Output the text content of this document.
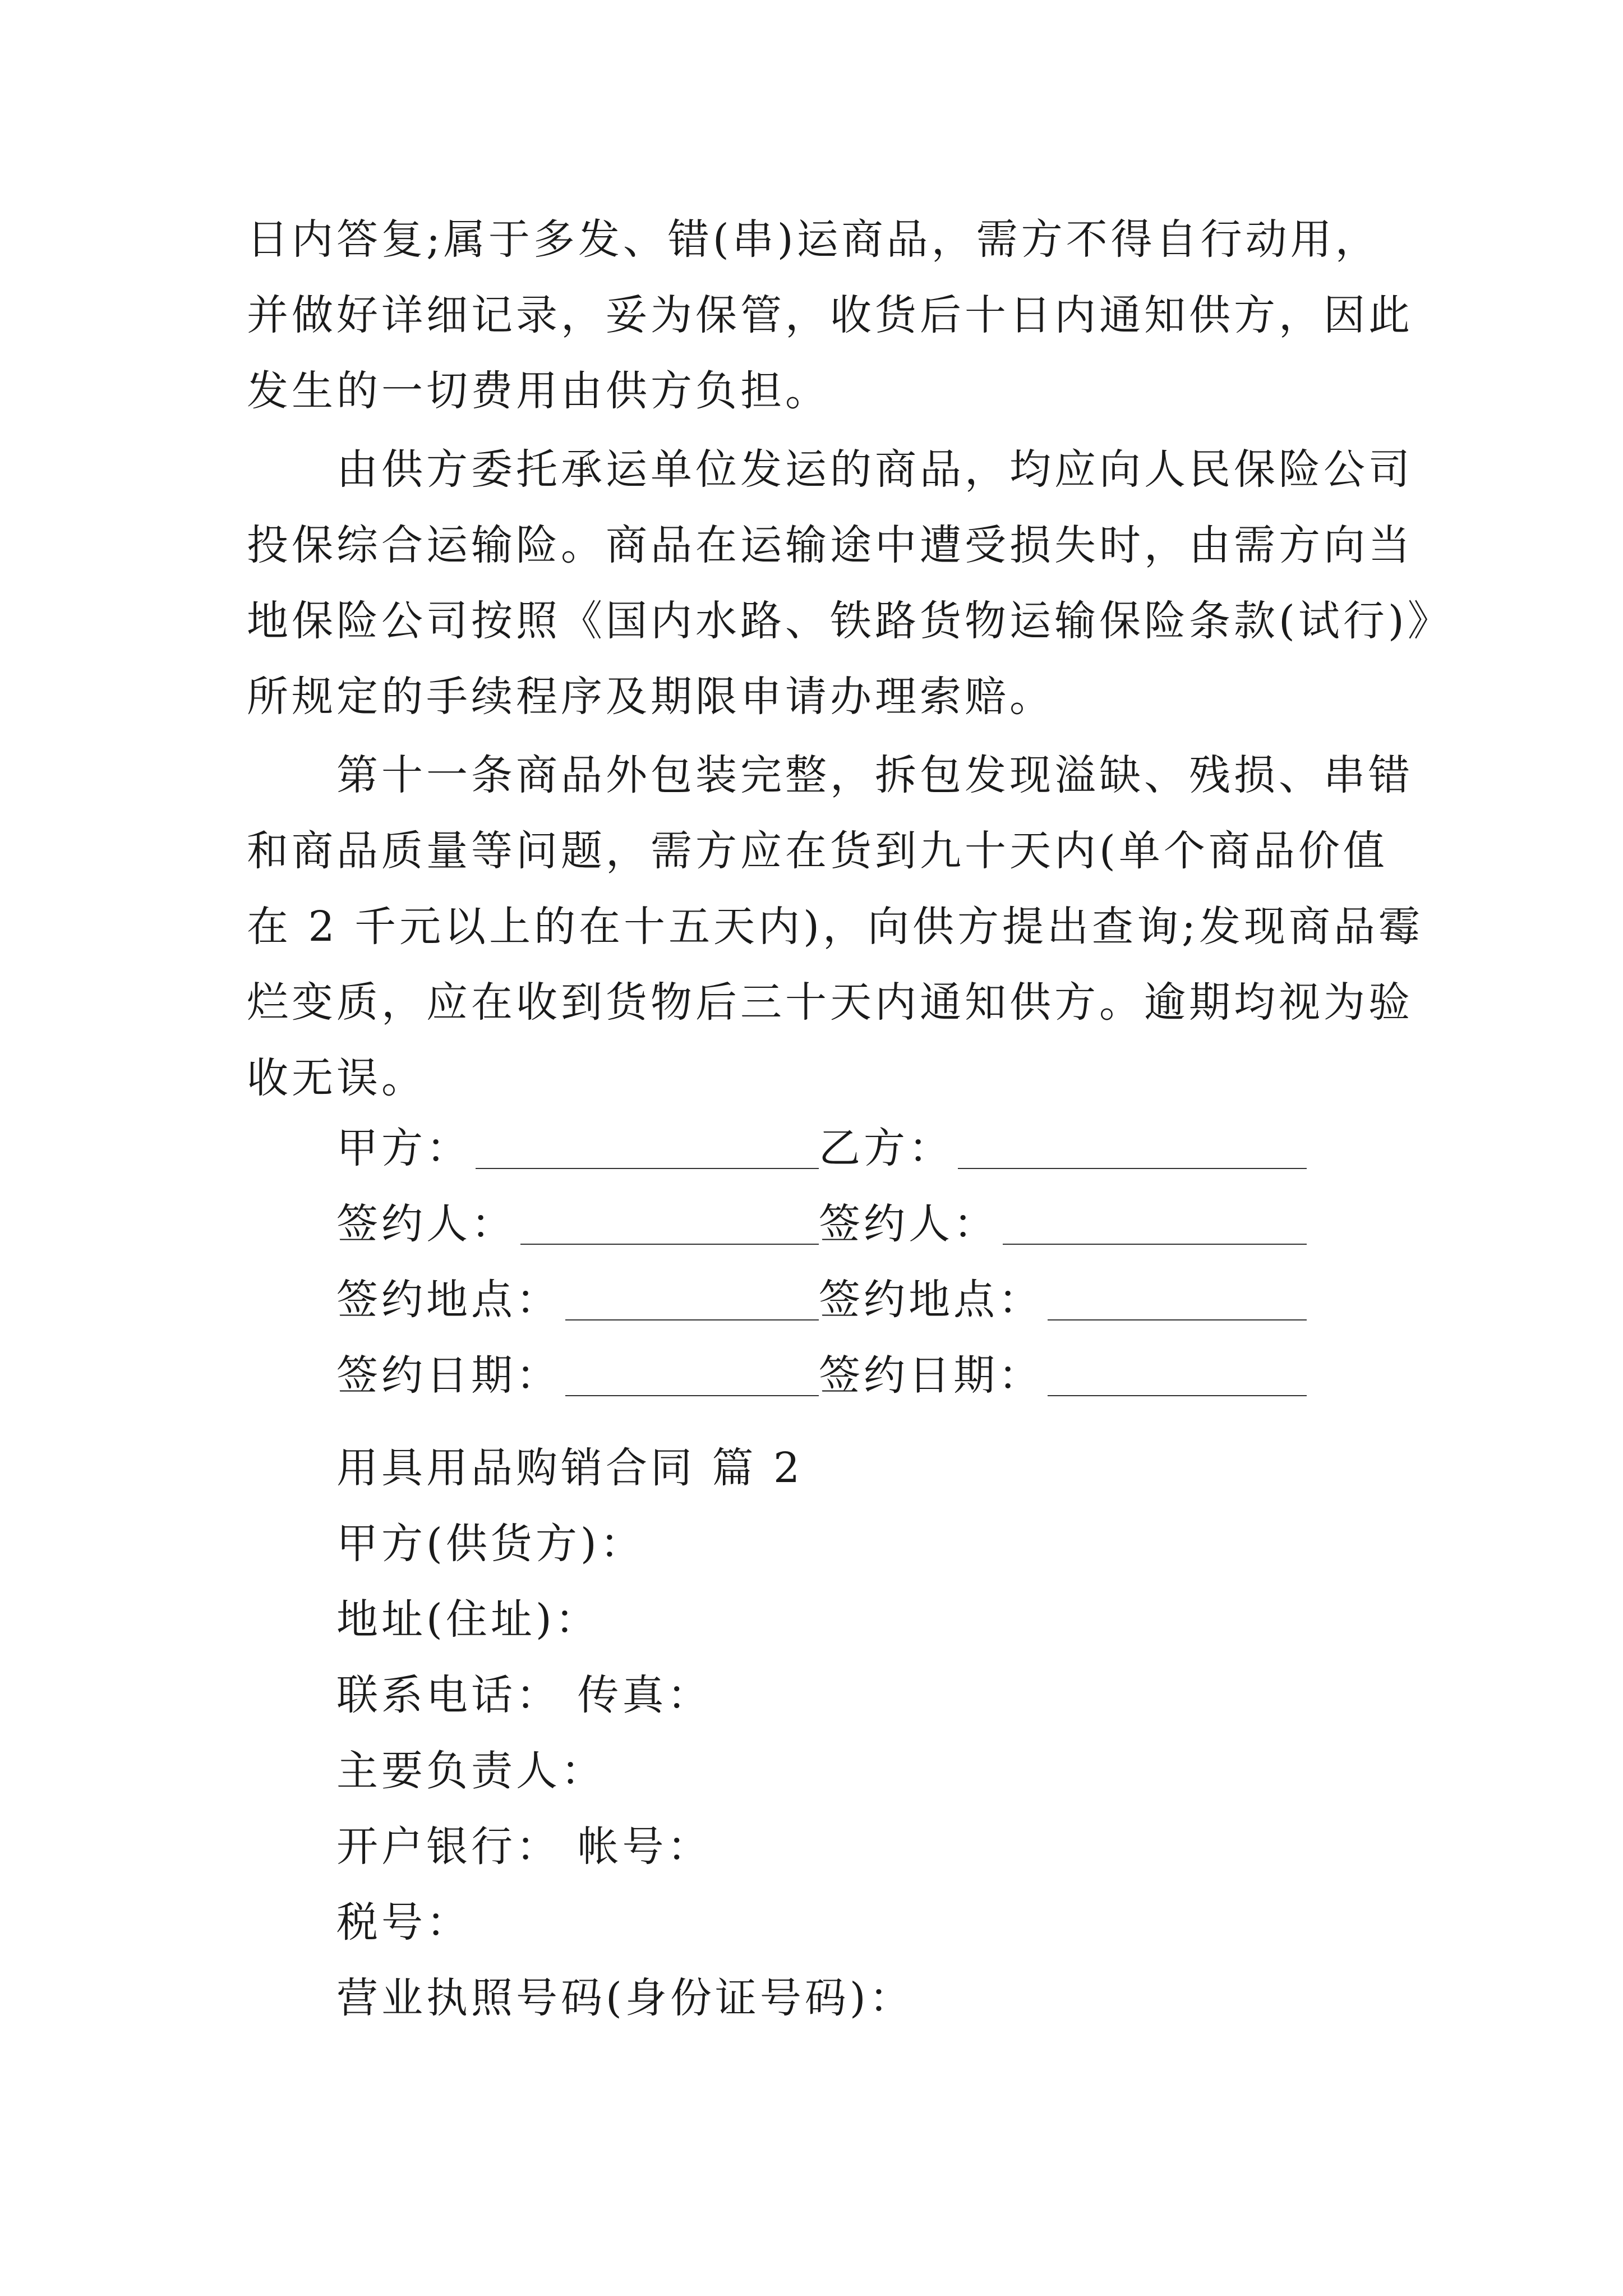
日内答复;属于多发、错(串)运商品，需方不得自行动用，
并做好详细记录，妥为保管，收货后十日内通知供方，因此
发生的一切费用由供方负担。
由供方委托承运单位发运的商品，均应向人民保险公司
投保综合运输险。商品在运输途中遭受损失时，由需方向当
地保险公司按照《国内水路、铁路货物运输保险条款(试行)》
所规定的手续程序及期限申请办理索赔。
第十一条商品外包装完整，拆包发现溢缺、残损、串错
和商品质量等问题，需方应在货到九十天内(单个商品价值
在 2 千元以上的在十五天内)，向供方提出查询;发现商品霉
烂变质，应在收到货物后三十天内通知供方。逾期均视为验
收无误。
甲方：	乙方：
签约人：	签约人：
签约地点：	签约地点：
签约日期：	签约日期：
用具用品购销合同 篇 2
甲方(供货方)：
地址(住址)：
联系电话： 传真：
主要负责人：
开户银行： 帐号：
税号：
营业执照号码(身份证号码)：
